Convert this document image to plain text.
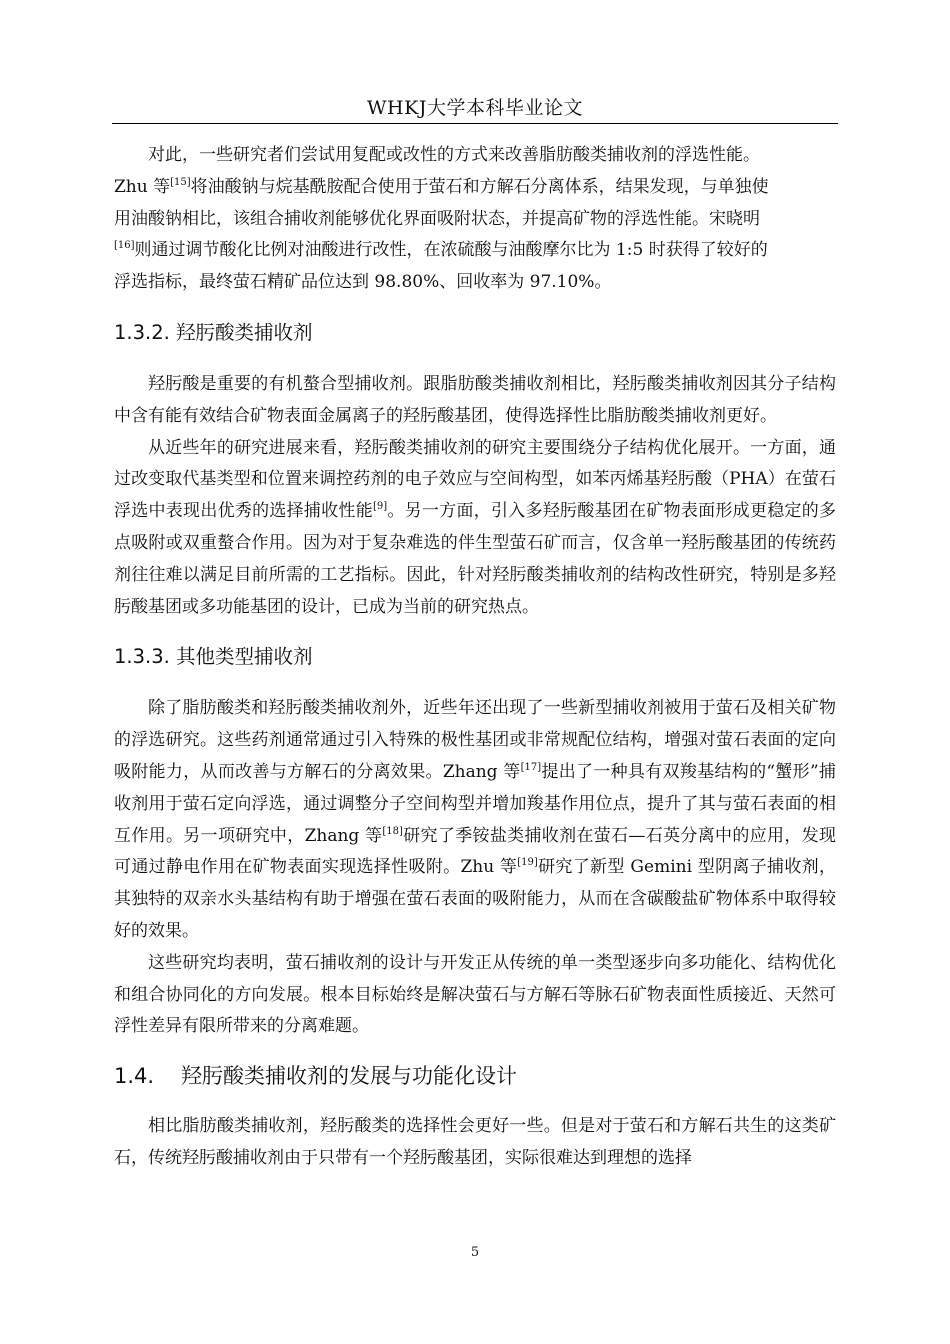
WHKJ大学本科毕业论文

对此，一些研究者们尝试用复配或改性的方式来改善脂肪酸类捕收剂的浮选性能。
Zhu 等[15]将油酸钠与烷基酰胺配合使用于萤石和方解石分离体系，结果发现，与单独使
用油酸钠相比，该组合捕收剂能够优化界面吸附状态，并提高矿物的浮选性能。宋晓明
[16]则通过调节酸化比例对油酸进行改性，在浓硫酸与油酸摩尔比为 1:5 时获得了较好的
浮选指标，最终萤石精矿品位达到 98.80%、回收率为 97.10%。

1.3.2. 羟肟酸类捕收剂

羟肟酸是重要的有机螯合型捕收剂。跟脂肪酸类捕收剂相比，羟肟酸类捕收剂因其分子结构中含有能有效结合矿物表面金属离子的羟肟酸基团，使得选择性比脂肪酸类捕收剂更好。

从近些年的研究进展来看，羟肟酸类捕收剂的研究主要围绕分子结构优化展开。一方面，通过改变取代基类型和位置来调控药剂的电子效应与空间构型，如苯丙烯基羟肟酸（PHA）在萤石浮选中表现出优秀的选择捕收性能[9]。另一方面，引入多羟肟酸基团在矿物表面形成更稳定的多点吸附或双重螯合作用。因为对于复杂难选的伴生型萤石矿而言，仅含单一羟肟酸基团的传统药剂往往难以满足目前所需的工艺指标。因此，针对羟肟酸类捕收剂的结构改性研究，特别是多羟肟酸基团或多功能基团的设计，已成为当前的研究热点。

1.3.3. 其他类型捕收剂

除了脂肪酸类和羟肟酸类捕收剂外，近些年还出现了一些新型捕收剂被用于萤石及相关矿物的浮选研究。这些药剂通常通过引入特殊的极性基团或非常规配位结构，增强对萤石表面的定向吸附能力，从而改善与方解石的分离效果。Zhang 等[17]提出了一种具有双羧基结构的“蟹形”捕收剂用于萤石定向浮选，通过调整分子空间构型并增加羧基作用位点，提升了其与萤石表面的相互作用。另一项研究中，Zhang 等[18]研究了季铵盐类捕收剂在萤石—石英分离中的应用，发现可通过静电作用在矿物表面实现选择性吸附。Zhu 等[19]研究了新型 Gemini 型阴离子捕收剂，其独特的双亲水头基结构有助于增强在萤石表面的吸附能力，从而在含碳酸盐矿物体系中取得较好的效果。

这些研究均表明，萤石捕收剂的设计与开发正从传统的单一类型逐步向多功能化、结构优化和组合协同化的方向发展。根本目标始终是解决萤石与方解石等脉石矿物表面性质接近、天然可浮性差异有限所带来的分离难题。

1.4. 羟肟酸类捕收剂的发展与功能化设计

相比脂肪酸类捕收剂，羟肟酸类的选择性会更好一些。但是对于萤石和方解石共生的这类矿石，传统羟肟酸捕收剂由于只带有一个羟肟酸基团，实际很难达到理想的选择

5
